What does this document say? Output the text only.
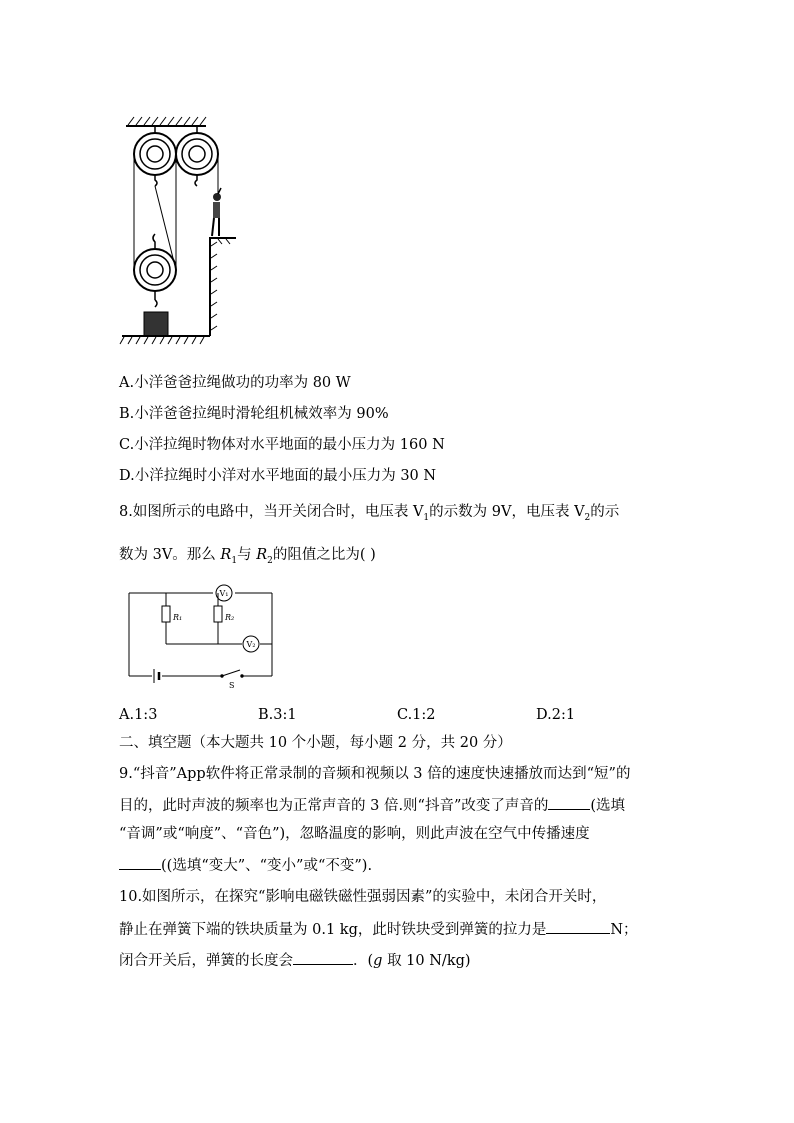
A.小洋爸爸拉绳做功的功率为 80 W
B.小洋爸爸拉绳时滑轮组机械效率为 90%
C.小洋拉绳时物体对水平地面的最小压力为 160 N
D.小洋拉绳时小洋对水平地面的最小压力为 30 N
8.如图所示的电路中，当开关闭合时，电压表 $V_1$的示数为 9V，电压表 $V_2$的示
数为 3V。那么 $R_1$与 $R_2$的阻值之比为( )
V₁
V₂
R₁	R₂
S
A.1:3	B.3:1	C.1:2	D.2:1
二、填空题（本大题共 10 个小题，每小题 2 分，共 20 分）
9.“抖音”App软件将正常录制的音频和视频以 3 倍的速度快速播放而达到“短”的
目的，此时声波的频率也为正常声音的 3 倍.则“抖音”改变了声音的	(选填
“音调”或“响度”、“音色”)，忽略温度的影响，则此声波在空气中传播速度
((选填“变大”、“变小”或“不变”).
10.如图所示，在探究“影响电磁铁磁性强弱因素”的实验中，未闭合开关时，
静止在弹簧下端的铁块质量为 0.1 kg，此时铁块受到弹簧的拉力是	N；
闭合开关后，弹簧的长度会	．(g 取 10 N/kg)
